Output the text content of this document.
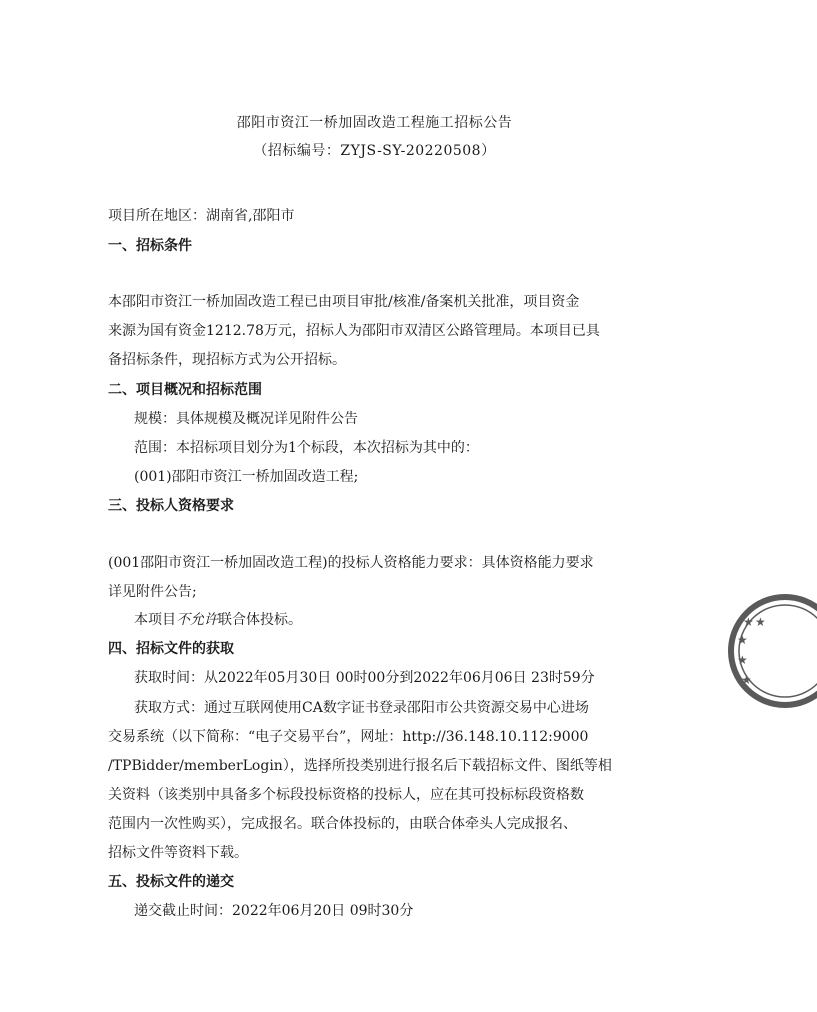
邵阳市资江一桥加固改造工程施工招标公告
（招标编号：ZYJS-SY-20220508）
项目所在地区：湖南省,邵阳市
一、招标条件
本邵阳市资江一桥加固改造工程已由项目审批/核准/备案机关批准，项目资金
来源为国有资金1212.78万元，招标人为邵阳市双清区公路管理局。本项目已具
备招标条件，现招标方式为公开招标。
二、项目概况和招标范围
规模：具体规模及概况详见附件公告
范围：本招标项目划分为1个标段，本次招标为其中的：
(001)邵阳市资江一桥加固改造工程;
三、投标人资格要求
(001邵阳市资江一桥加固改造工程)的投标人资格能力要求：具体资格能力要求
详见附件公告;
本项目不允许联合体投标。
四、招标文件的获取
获取时间：从2022年05月30日 00时00分到2022年06月06日 23时59分
获取方式：通过互联网使用CA数字证书登录邵阳市公共资源交易中心进场
交易系统（以下简称：“电子交易平台”，网址：http://36.148.10.112:9000
/TPBidder/memberLogin），选择所投类别进行报名后下载招标文件、图纸等相
关资料（该类别中具备多个标段投标资格的投标人，应在其可投标标段资格数
范围内一次性购买），完成报名。联合体投标的，由联合体牵头人完成报名、
招标文件等资料下载。
五、投标文件的递交
递交截止时间：2022年06月20日 09时30分
★ ★
★
★
★
